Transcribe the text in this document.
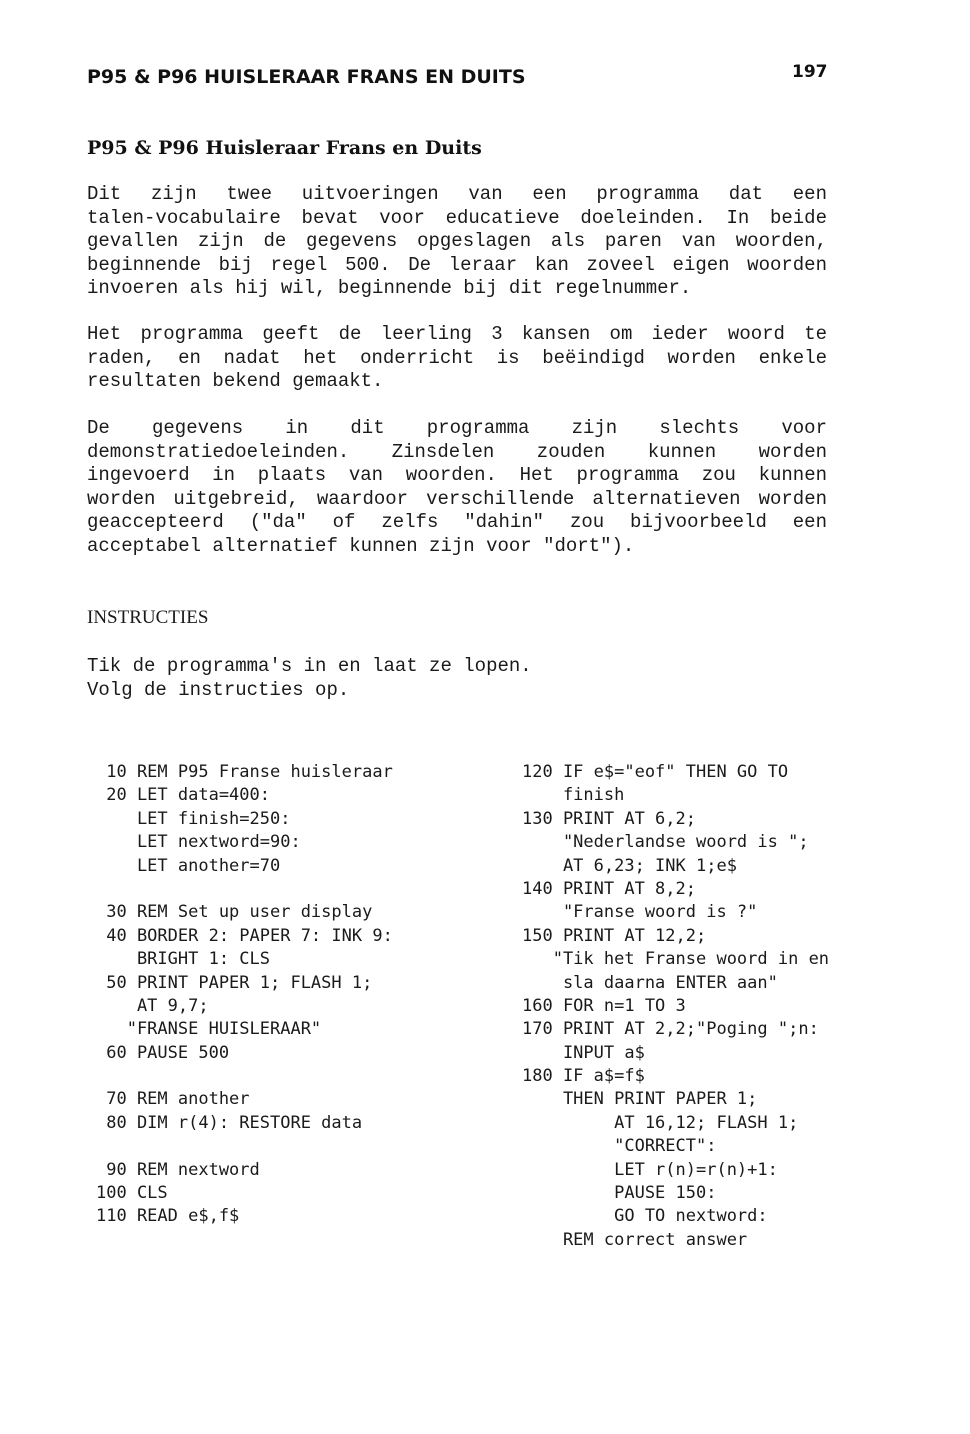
P95 & P96 HUISLERAAR FRANS EN DUITS	197
P95 & P96 Huisleraar Frans en Duits
Dit zijn twee uitvoeringen van een programma dat een
talen-vocabulaire bevat voor educatieve doeleinden. In beide
gevallen zijn de gegevens opgeslagen als paren van woorden,
beginnende bij regel 500. De leraar kan zoveel eigen woorden
invoeren als hij wil, beginnende bij dit regelnummer.
Het programma geeft de leerling 3 kansen om ieder woord te
raden, en nadat het onderricht is beëindigd worden enkele
resultaten bekend gemaakt.
De gegevens in dit programma zijn slechts voor
demonstratiedoeleinden. Zinsdelen zouden kunnen worden
ingevoerd in plaats van woorden. Het programma zou kunnen
worden uitgebreid, waardoor verschillende alternatieven worden
geaccepteerd ("da" of zelfs "dahin" zou bijvoorbeeld een
acceptabel alternatief kunnen zijn voor "dort").
INSTRUCTIES
Tik de programma's in en laat ze lopen.
Volg de instructies op.
10 REM P95 Franse huisleraar
20 LET data=400:
LET finish=250:
LET nextword=90:
LET another=70
30 REM Set up user display
40 BORDER 2: PAPER 7: INK 9:
BRIGHT 1: CLS
50 PRINT PAPER 1; FLASH 1;
AT 9,7;
"FRANSE HUISLERAAR"
60 PAUSE 500
70 REM another
80 DIM r(4): RESTORE data
90 REM nextword
100 CLS
110 READ e$,f$
120 IF e$="eof" THEN GO TO
finish
130 PRINT AT 6,2;
"Nederlandse woord is ";
AT 6,23; INK 1;e$
140 PRINT AT 8,2;
"Franse woord is ?"
150 PRINT AT 12,2;
"Tik het Franse woord in en
sla daarna ENTER aan"
160 FOR n=1 TO 3
170 PRINT AT 2,2;"Poging ";n:
INPUT a$
180 IF a$=f$
THEN PRINT PAPER 1;
AT 16,12; FLASH 1;
"CORRECT":
LET r(n)=r(n)+1:
PAUSE 150:
GO TO nextword:
REM correct answer
